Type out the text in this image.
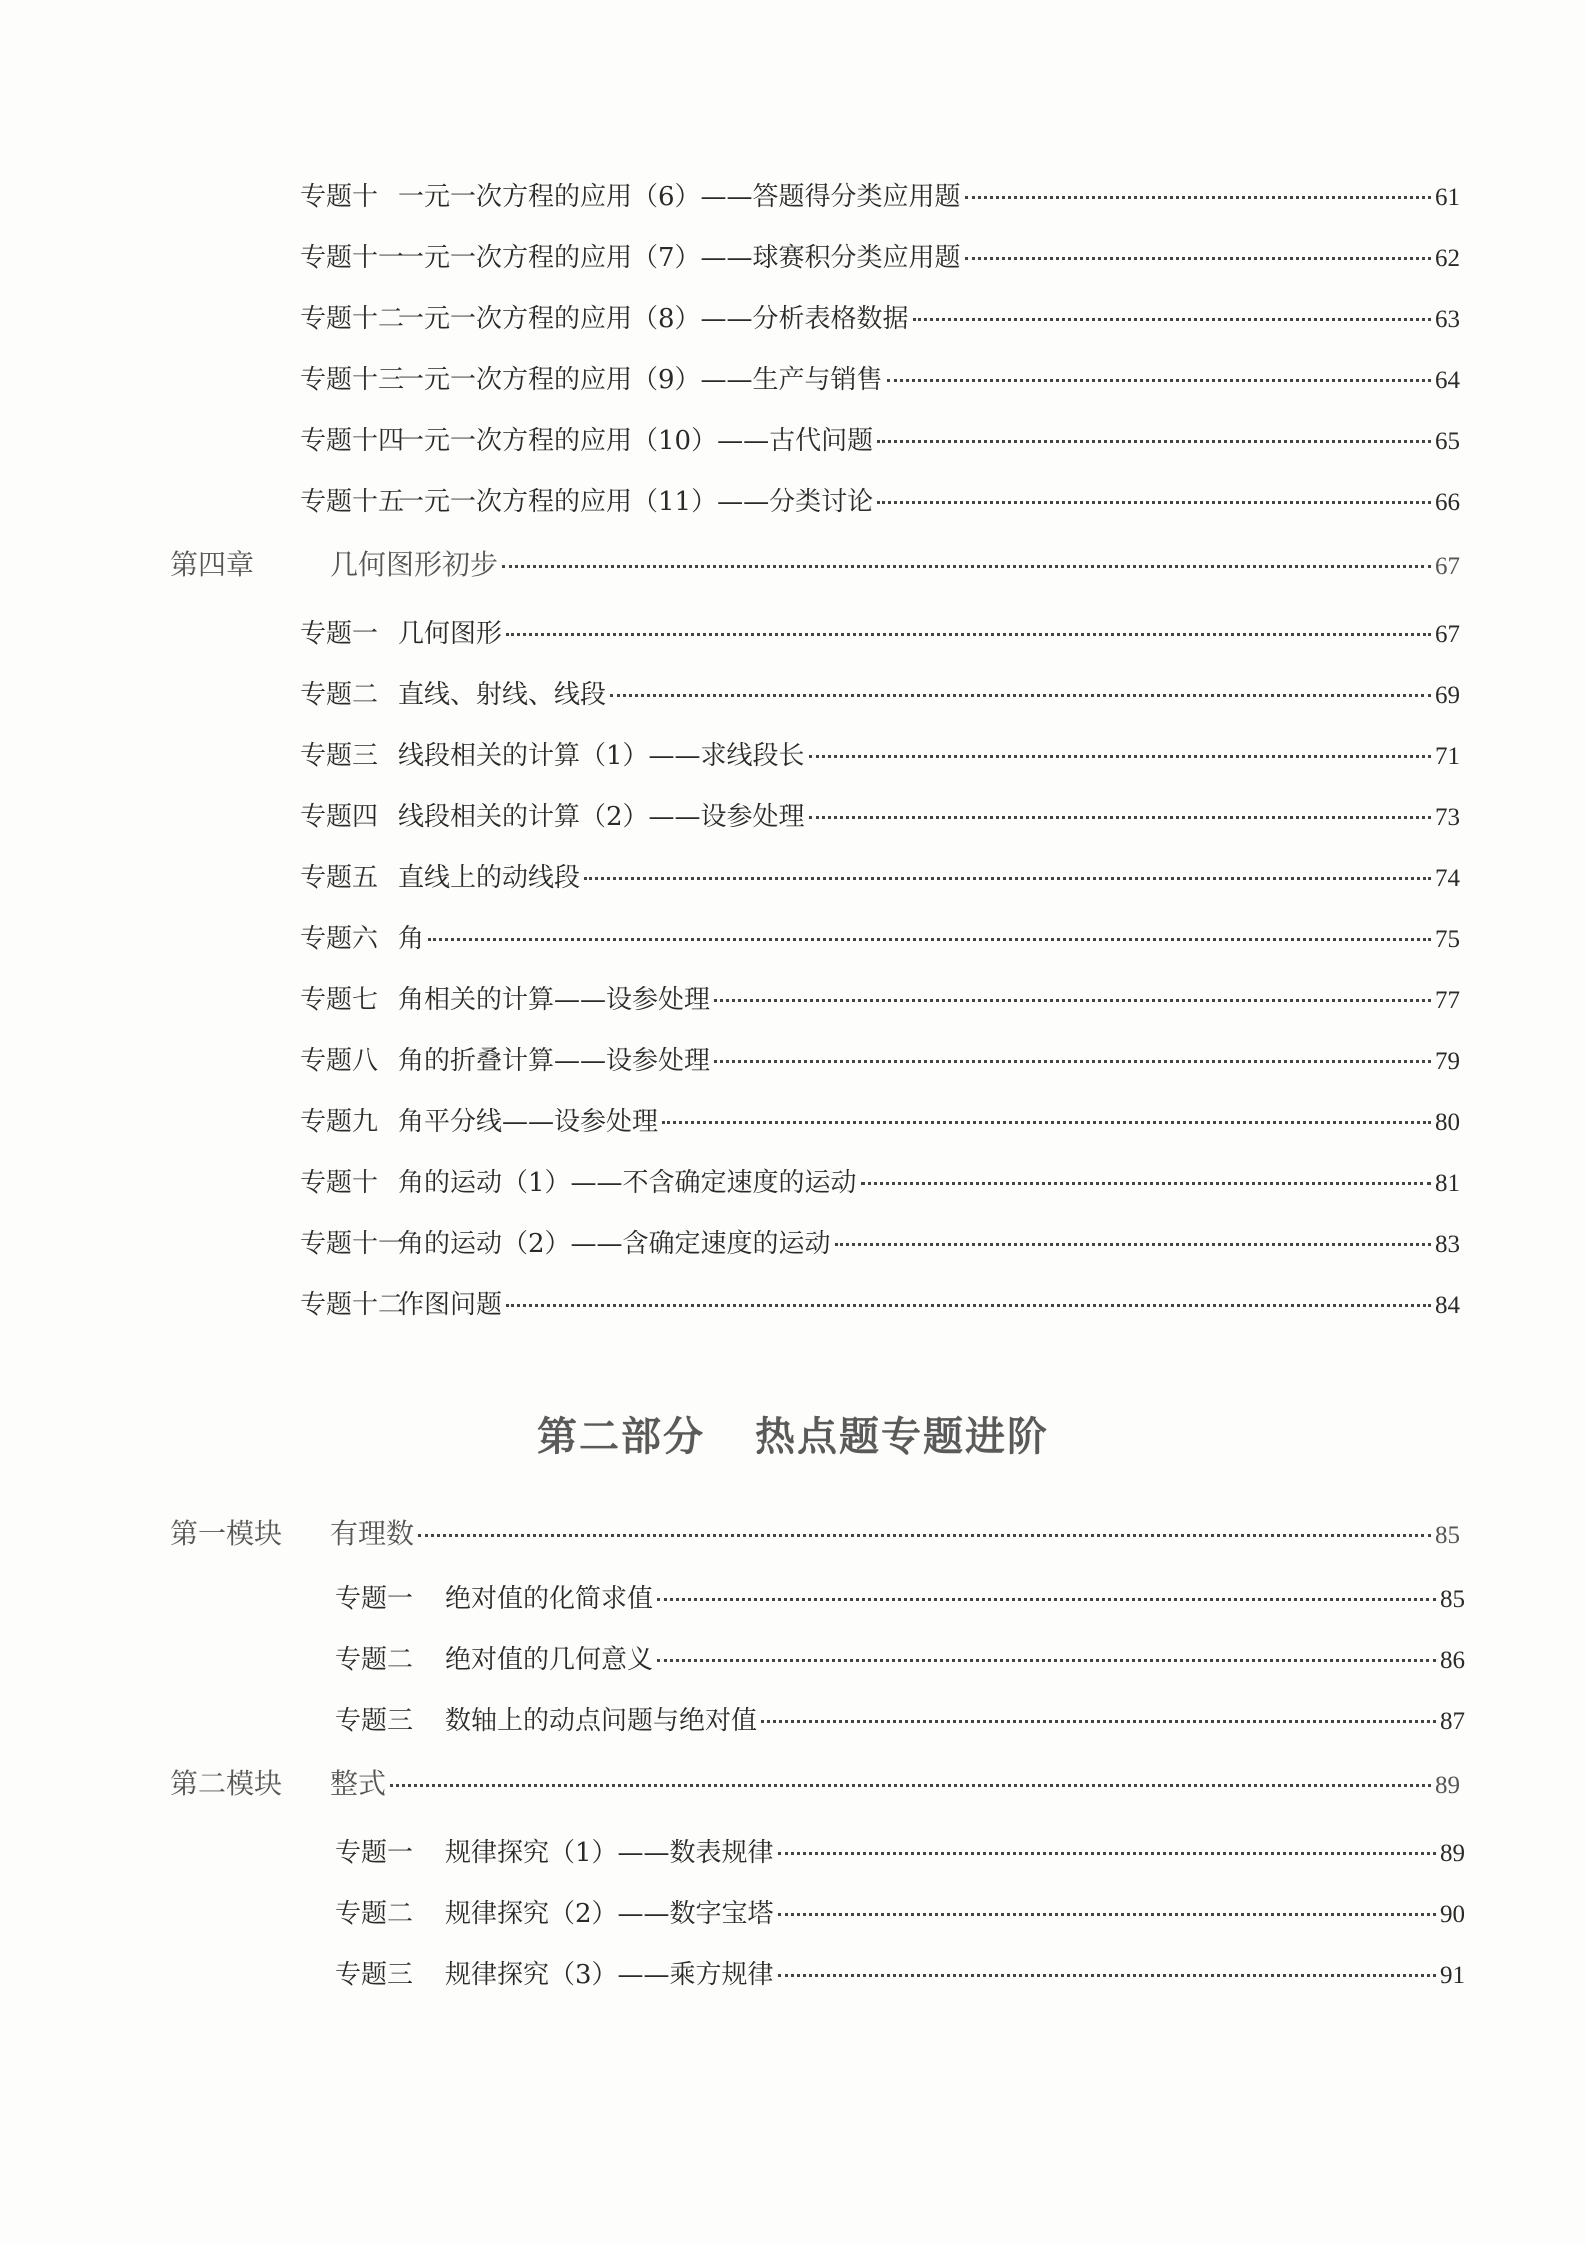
专题十 一元一次方程的应用（6）——答题得分类应用题	61
专题十一一元一次方程的应用（7）——球赛积分类应用题	62
专题十二一元一次方程的应用（8）——分析表格数据	63
专题十三一元一次方程的应用（9）——生产与销售	64
专题十四一元一次方程的应用（10）——古代问题	65
专题十五一元一次方程的应用（11）——分类讨论	66
第四章	几何图形初步	67
专题一 几何图形	67
专题二 直线、射线、线段	69
专题三 线段相关的计算（1）——求线段长	71
专题四 线段相关的计算（2）——设参处理	73
专题五 直线上的动线段	74
专题六 角	75
专题七 角相关的计算——设参处理	77
专题八 角的折叠计算——设参处理	79
专题九 角平分线——设参处理	80
专题十 角的运动（1）——不含确定速度的运动	81
专题十一角的运动（2）——含确定速度的运动	83
专题十二作图问题	84
第二部分 热点题专题进阶
第一模块 有理数	85
专题一 绝对值的化简求值	85
专题二 绝对值的几何意义	86
专题三 数轴上的动点问题与绝对值	87
第二模块 整式	89
专题一 规律探究（1）——数表规律	89
专题二 规律探究（2）——数字宝塔	90
专题三 规律探究（3）——乘方规律	91
